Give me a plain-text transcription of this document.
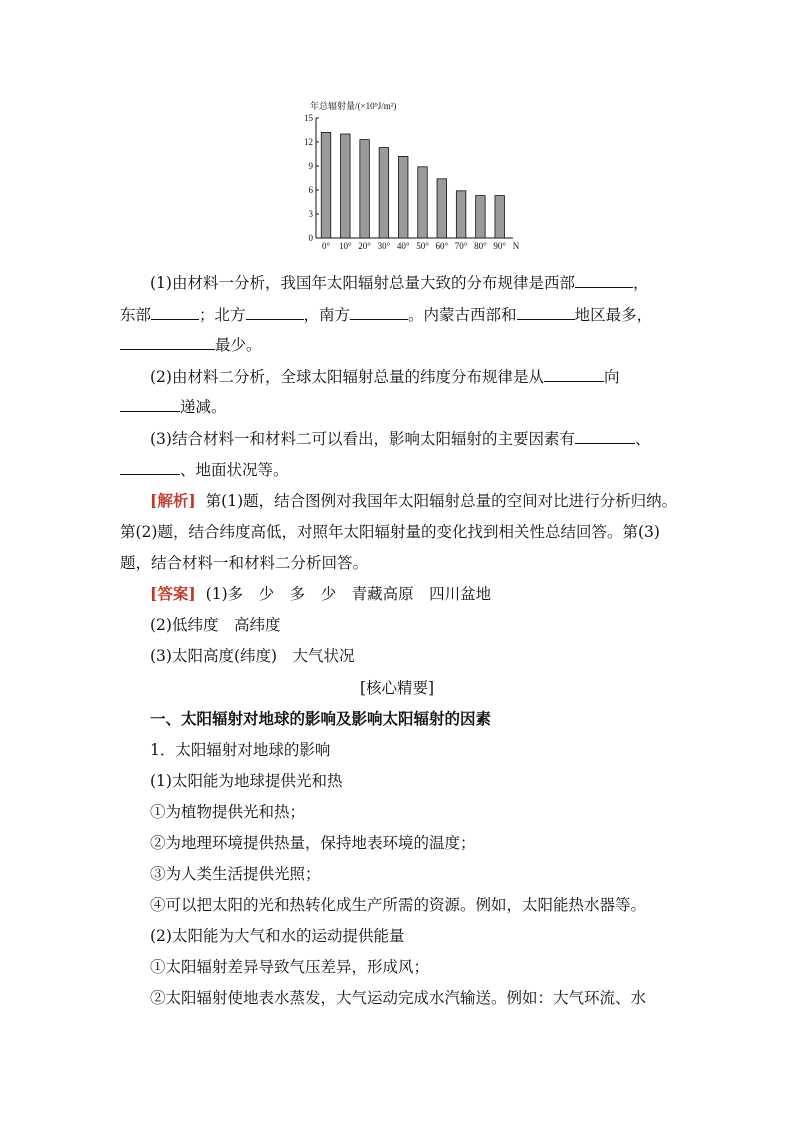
年总辐射量/(×10⁹J/m²)
0
3
6
9
12
15
0° 10° 20° 30° 40° 50° 60° 70° 80° 90° N
(1)由材料一分析，我国年太阳辐射总量大致的分布规律是西部	，
东部	；北方	，南方	。内蒙古西部和	地区最多，
最少。
(2)由材料二分析，全球太阳辐射总量的纬度分布规律是从	向
递减。
(3)结合材料一和材料二可以看出，影响太阳辐射的主要因素有	、
、地面状况等。
[解析] 第(1)题，结合图例对我国年太阳辐射总量的空间对比进行分析归纳。
第(2)题，结合纬度高低，对照年太阳辐射量的变化找到相关性总结回答。第(3)
题，结合材料一和材料二分析回答。
[答案] (1)多　少　多　少　青藏高原　四川盆地
(2)低纬度　高纬度
(3)太阳高度(纬度)　大气状况
[核心精要]
一、太阳辐射对地球的影响及影响太阳辐射的因素
1．太阳辐射对地球的影响
(1)太阳能为地球提供光和热
①为植物提供光和热；
②为地理环境提供热量，保持地表环境的温度；
③为人类生活提供光照；
④可以把太阳的光和热转化成生产所需的资源。例如，太阳能热水器等。
(2)太阳能为大气和水的运动提供能量
①太阳辐射差异导致气压差异，形成风；
②太阳辐射使地表水蒸发，大气运动完成水汽输送。例如：大气环流、水
